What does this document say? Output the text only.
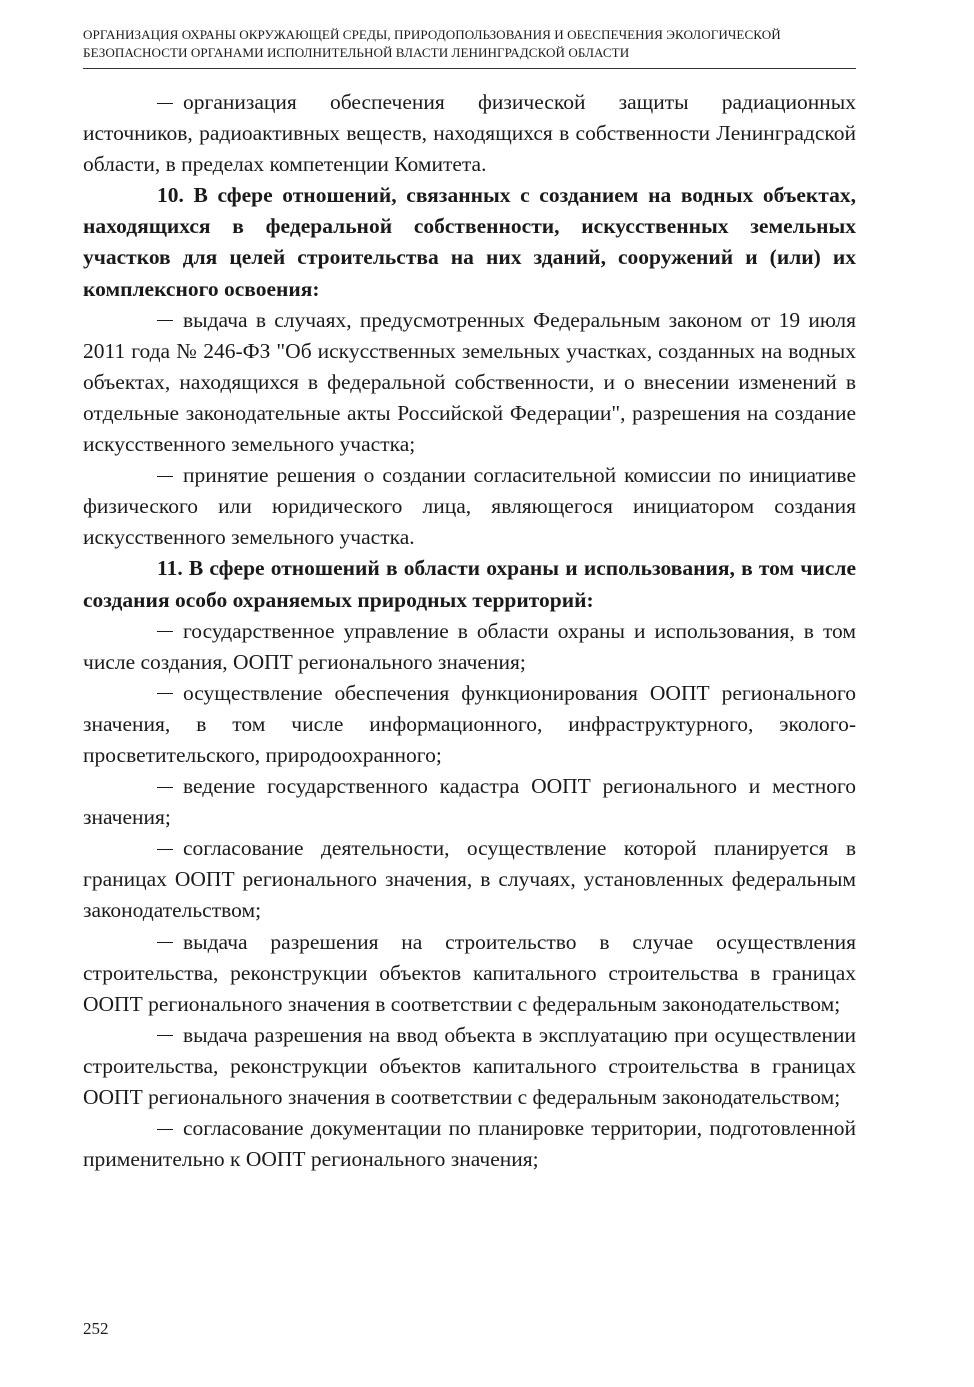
ОРГАНИЗАЦИЯ ОХРАНЫ ОКРУЖАЮЩЕЙ СРЕДЫ, ПРИРОДОПОЛЬЗОВАНИЯ И ОБЕСПЕЧЕНИЯ ЭКОЛОГИЧЕСКОЙ
БЕЗОПАСНОСТИ ОРГАНАМИ ИСПОЛНИТЕЛЬНОЙ ВЛАСТИ ЛЕНИНГРАДСКОЙ ОБЛАСТИ

организация обеспечения физической защиты радиационных источников, радиоактивных веществ, находящихся в собственности Ленинградской области, в пределах компетенции Комитета.

10. В сфере отношений, связанных с созданием на водных объектах, находящихся в федеральной собственности, искусственных земельных участков для целей строительства на них зданий, сооружений и (или) их комплексного освоения:

выдача в случаях, предусмотренных Федеральным законом от 19 июля 2011 года № 246-ФЗ "Об искусственных земельных участках, созданных на водных объектах, находящихся в федеральной собственности, и о внесении изменений в отдельные законодательные акты Российской Федерации", разрешения на создание искусственного земельного участка;

принятие решения о создании согласительной комиссии по инициативе физического или юридического лица, являющегося инициатором создания искусственного земельного участка.

11. В сфере отношений в области охраны и использования, в том числе создания особо охраняемых природных территорий:

государственное управление в области охраны и использования, в том числе создания, ООПТ регионального значения;

осуществление обеспечения функционирования ООПТ регионального значения, в том числе информационного, инфраструктурного, эколого-просветительского, природоохранного;

ведение государственного кадастра ООПТ регионального и местного значения;

согласование деятельности, осуществление которой планируется в границах ООПТ регионального значения, в случаях, установленных федеральным законодательством;

выдача разрешения на строительство в случае осуществления строительства, реконструкции объектов капитального строительства в границах ООПТ регионального значения в соответствии с федеральным законодательством;

выдача разрешения на ввод объекта в эксплуатацию при осуществлении строительства, реконструкции объектов капитального строительства в границах ООПТ регионального значения в соответствии с федеральным законодательством;

согласование документации по планировке территории, подготовленной применительно к ООПТ регионального значения;

252
